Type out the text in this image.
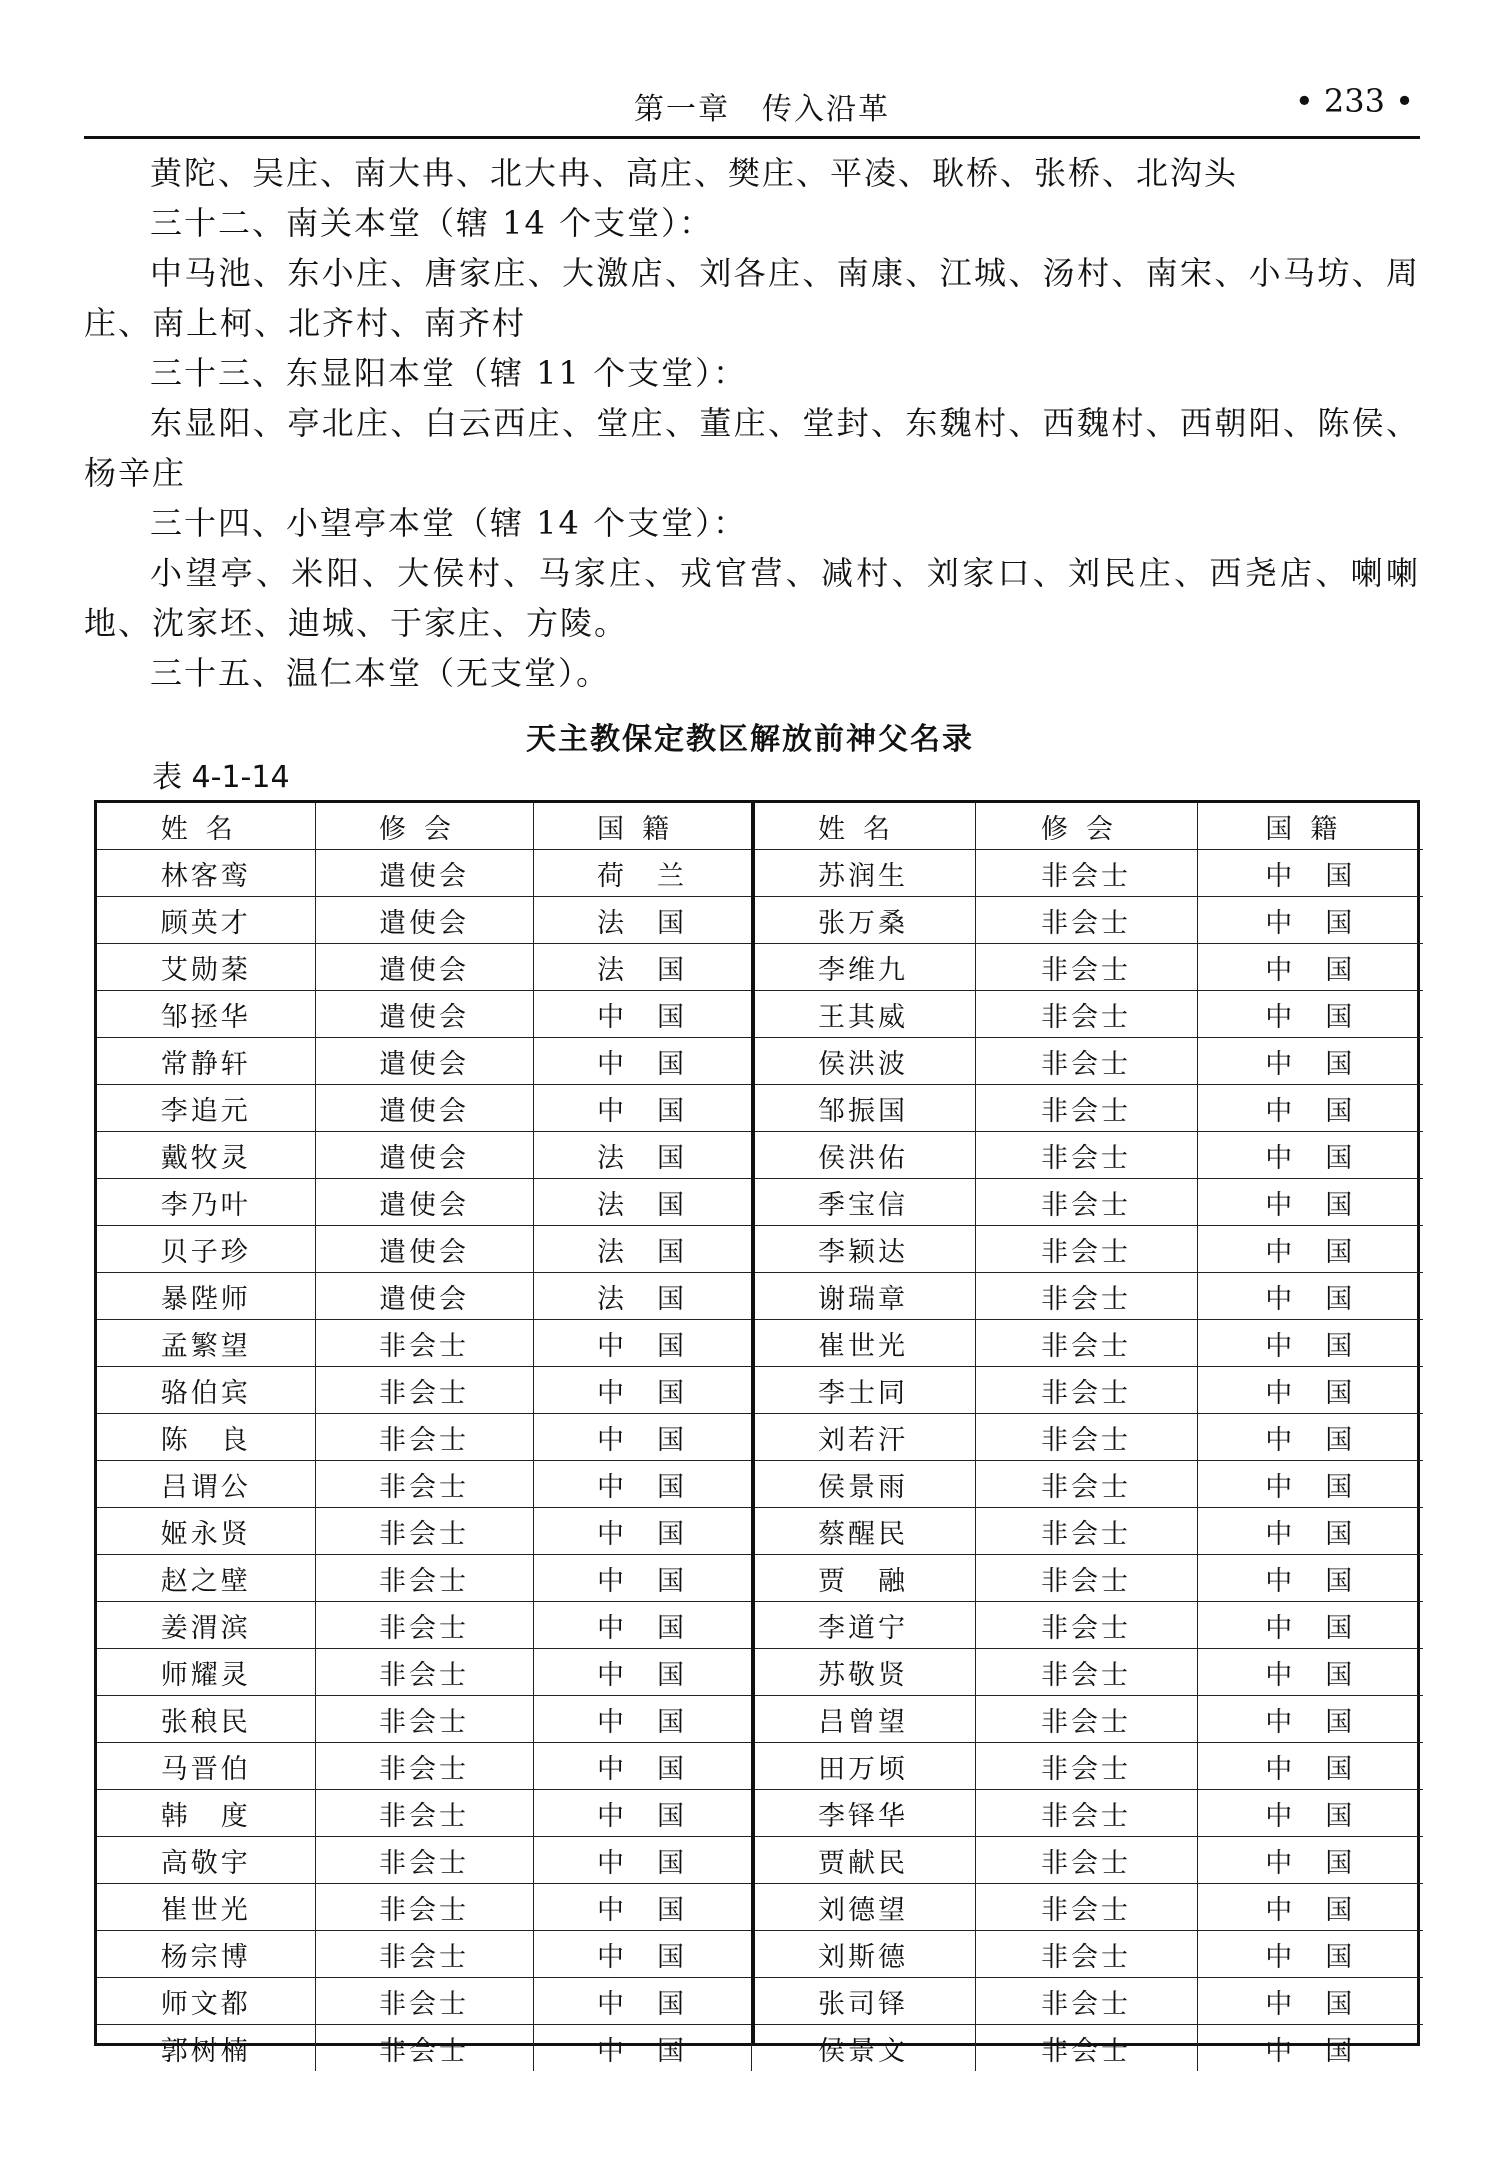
第一章　传入沿革	• 233 •

黄陀、吴庄、南大冉、北大冉、高庄、樊庄、平凌、耿桥、张桥、北沟头

三十二、南关本堂（辖 14 个支堂）：

中马池、东小庄、唐家庄、大激店、刘各庄、南康、江城、汤村、南宋、小马坊、周庄、南上柯、北齐村、南齐村

三十三、东显阳本堂（辖 11 个支堂）：

东显阳、亭北庄、白云西庄、堂庄、董庄、堂封、东魏村、西魏村、西朝阳、陈侯、杨辛庄

三十四、小望亭本堂（辖 14 个支堂）：

小望亭、米阳、大侯村、马家庄、戎官营、减村、刘家口、刘民庄、西尧店、喇喇地、沈家坯、迪城、于家庄、方陵。

三十五、温仁本堂（无支堂）。

天主教保定教区解放前神父名录
表 4-1-14
姓名	修会	国籍	姓名	修会	国籍
林客鸾	遣使会	荷　兰	苏润生	非会士	中　国
顾英才	遣使会	法　国	张万桑	非会士	中　国
艾勋棻	遣使会	法　国	李维九	非会士	中　国
邹拯华	遣使会	中　国	王其威	非会士	中　国
常静轩	遣使会	中　国	侯洪波	非会士	中　国
李追元	遣使会	中　国	邹振国	非会士	中　国
戴牧灵	遣使会	法　国	侯洪佑	非会士	中　国
李乃叶	遣使会	法　国	季宝信	非会士	中　国
贝子珍	遣使会	法　国	李颖达	非会士	中　国
暴陛师	遣使会	法　国	谢瑞章	非会士	中　国
孟繁望	非会士	中　国	崔世光	非会士	中　国
骆伯宾	非会士	中　国	李士同	非会士	中　国
陈　良	非会士	中　国	刘若汗	非会士	中　国
吕谓公	非会士	中　国	侯景雨	非会士	中　国
姬永贤	非会士	中　国	蔡醒民	非会士	中　国
赵之壁	非会士	中　国	贾　融	非会士	中　国
姜渭滨	非会士	中　国	李道宁	非会士	中　国
师耀灵	非会士	中　国	苏敬贤	非会士	中　国
张稂民	非会士	中　国	吕曾望	非会士	中　国
马晋伯	非会士	中　国	田万顷	非会士	中　国
韩　度	非会士	中　国	李铎华	非会士	中　国
高敬宇	非会士	中　国	贾献民	非会士	中　国
崔世光	非会士	中　国	刘德望	非会士	中　国
杨宗博	非会士	中　国	刘斯德	非会士	中　国
师文都	非会士	中　国	张司铎	非会士	中　国
郭树楠	非会士	中　国	侯景文	非会士	中　国
